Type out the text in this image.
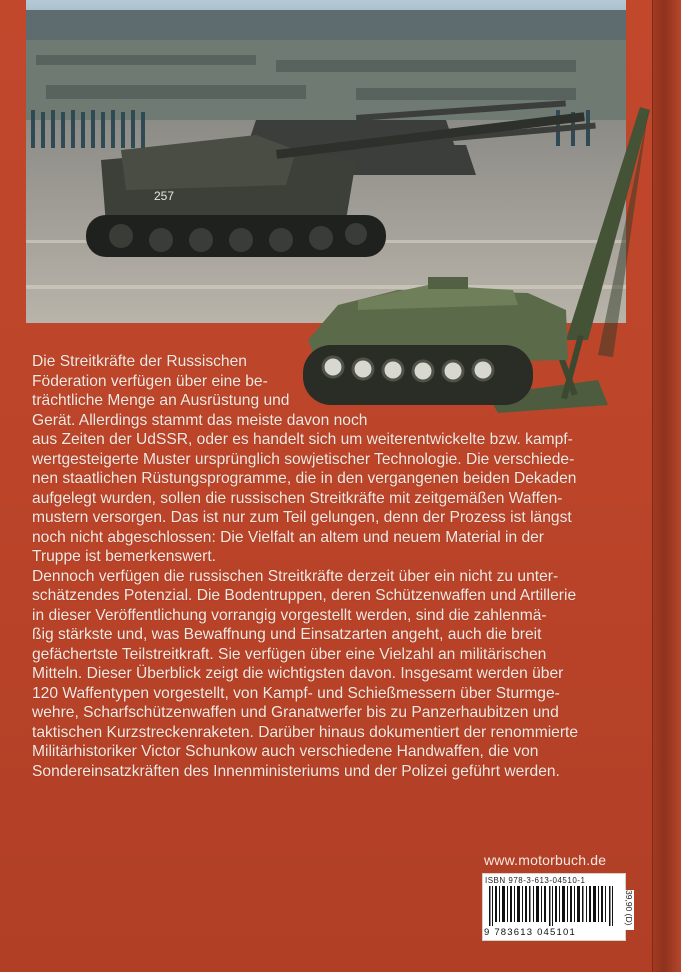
257

Die Streitkräfte der Russischen
Föderation verfügen über eine be-
trächtliche Menge an Ausrüstung und
Gerät. Allerdings stammt das meiste davon noch
aus Zeiten der UdSSR, oder es handelt sich um weiterentwickelte bzw. kampf-
wertgesteigerte Muster ursprünglich sowjetischer Technologie. Die verschiede-
nen staatlichen Rüstungsprogramme, die in den vergangenen beiden Dekaden
aufgelegt wurden, sollen die russischen Streitkräfte mit zeitgemäßen Waffen-
mustern versorgen. Das ist nur zum Teil gelungen, denn der Prozess ist längst
noch nicht abgeschlossen: Die Vielfalt an altem und neuem Material in der
Truppe ist bemerkenswert.

Dennoch verfügen die russischen Streitkräfte derzeit über ein nicht zu unter-
schätzendes Potenzial. Die Bodentruppen, deren Schützenwaffen und Artillerie
in dieser Veröffentlichung vorrangig vorgestellt werden, sind die zahlenmä-
ßig stärkste und, was Bewaffnung und Einsatzarten angeht, auch die breit
gefächertste Teilstreitkraft. Sie verfügen über eine Vielzahl an militärischen
Mitteln. Dieser Überblick zeigt die wichtigsten davon. Insgesamt werden über
120 Waffentypen vorgestellt, von Kampf- und Schießmessern über Sturmge-
wehre, Scharfschützenwaffen und Granatwerfer bis zu Panzerhaubitzen und
taktischen Kurzstreckenraketen. Darüber hinaus dokumentiert der renommierte
Militärhistoriker Victor Schunkow auch verschiedene Handwaffen, die von
Sondereinsatzkräften des Innenministeriums und der Polizei geführt werden.

www.motorbuch.de
ISBN 978-3-613-04510-1
9 783613 045101
39,90 (D)
